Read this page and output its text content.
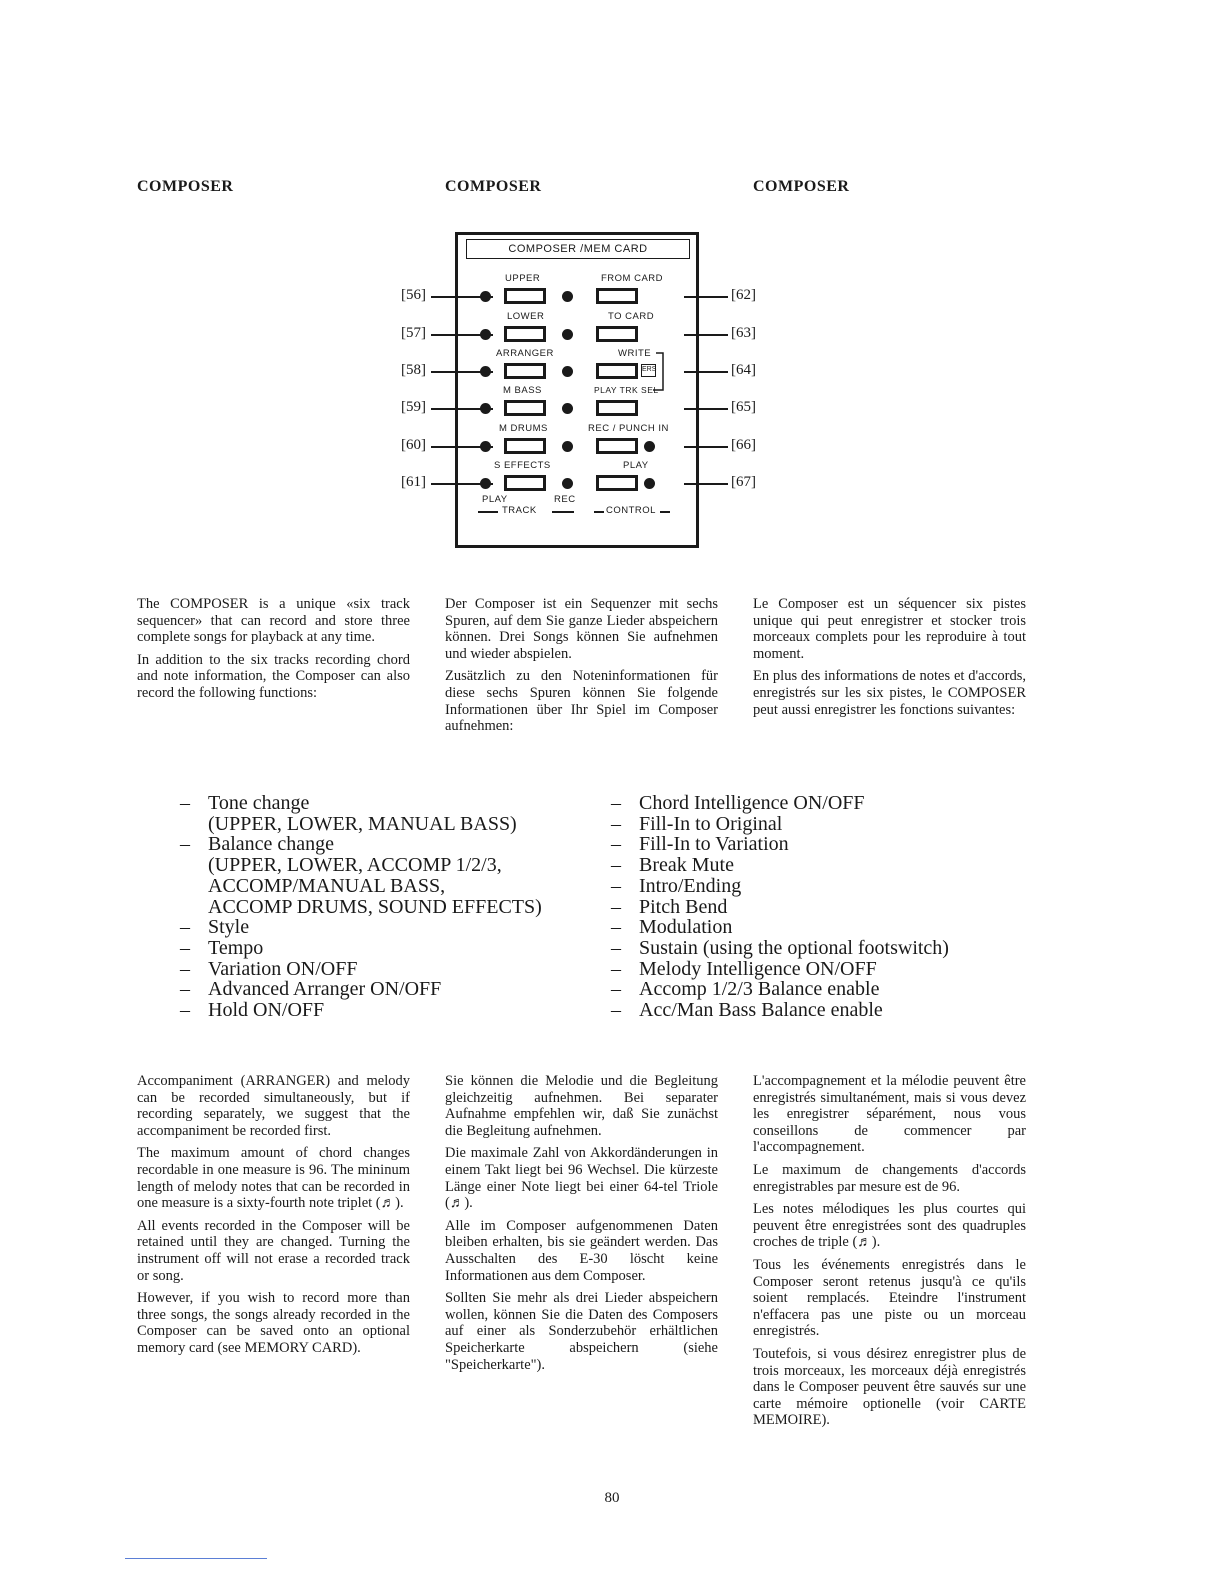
COMPOSER	COMPOSER	COMPOSER
COMPOSER /MEM CARD
UPPER	FROM CARD
LOWER	TO CARD
ARRANGER	WRITE
ERS
M BASS	PLAY TRK SEL
M DRUMS	REC / PUNCH IN
S EFFECTS	PLAY
PLAY	REC
TRACK	CONTROL
[56]
[57]
[58]
[59]
[60]
[61]
[62]
[63]
[64]
[65]
[66]
[67]

The COMPOSER is a unique «six track sequencer» that can record and store three complete songs for playback at any time.

In addition to the six tracks recording chord and note information, the Composer can also record the following functions:

Der Composer ist ein Sequenzer mit sechs Spuren, auf dem Sie ganze Lieder abspeichern können. Drei Songs können Sie aufnehmen und wieder abspielen.

Zusätzlich zu den Noteninformationen für diese sechs Spuren können Sie folgende Informationen über Ihr Spiel im Composer aufnehmen:

Le Composer est un séquencer six pistes unique qui peut enregistrer et stocker trois morceaux complets pour les reproduire à tout moment.

En plus des informations de notes et d'accords, enregistrés sur les six pistes, le COMPOSER peut aussi enregistrer les fonctions suivantes:

– Tone change
(UPPER, LOWER, MANUAL BASS)
– Balance change
(UPPER, LOWER, ACCOMP 1/2/3,
ACCOMP/MANUAL BASS,
ACCOMP DRUMS, SOUND EFFECTS)
– Style
– Tempo
– Variation ON/OFF
– Advanced Arranger ON/OFF
– Hold ON/OFF
– Chord Intelligence ON/OFF
– Fill-In to Original
– Fill-In to Variation
– Break Mute
– Intro/Ending
– Pitch Bend
– Modulation
– Sustain (using the optional footswitch)
– Melody Intelligence ON/OFF
– Accomp 1/2/3 Balance enable
– Acc/Man Bass Balance enable

Accompaniment (ARRANGER) and melody can be recorded simultaneously, but if recording separately, we suggest that the accompaniment be recorded first.

The maximum amount of chord changes recordable in one measure is 96. The mininum length of melody notes that can be recorded in one measure is a sixty-fourth note triplet (♬).

All events recorded in the Composer will be retained until they are changed. Turning the instrument off will not erase a recorded track or song.

However, if you wish to record more than three songs, the songs already recorded in the Composer can be saved onto an optional memory card (see MEMORY CARD).

Sie können die Melodie und die Begleitung gleichzeitig aufnehmen. Bei separater Aufnahme empfehlen wir, daß Sie zunächst die Begleitung aufnehmen.

Die maximale Zahl von Akkordänderungen in einem Takt liegt bei 96 Wechsel. Die kürzeste Länge einer Note liegt bei einer 64-tel Triole (♬).

Alle im Composer aufgenommenen Daten bleiben erhalten, bis sie geändert werden. Das Ausschalten des E-30 löscht keine Informationen aus dem Composer.

Sollten Sie mehr als drei Lieder abspeichern wollen, können Sie die Daten des Composers auf einer als Sonderzubehör erhältlichen Speicherkarte abspeichern (siehe "Speicherkarte").

L'accompagnement et la mélodie peuvent être enregistrés simultanément, mais si vous devez les enregistrer séparément, nous vous conseillons de commencer par l'accompagnement.

Le maximum de changements d'accords enregistrables par mesure est de 96.

Les notes mélodiques les plus courtes qui peuvent être enregistrées sont des quadruples croches de triple (♬).

Tous les événements enregistrés dans le Composer seront retenus jusqu'à ce qu'ils soient remplacés. Eteindre l'instrument n'effacera pas une piste ou un morceau enregistrés.

Toutefois, si vous désirez enregistrer plus de trois morceaux, les morceaux déjà enregistrés dans le Composer peuvent être sauvés sur une carte mémoire optionelle (voir CARTE MEMOIRE).

80
